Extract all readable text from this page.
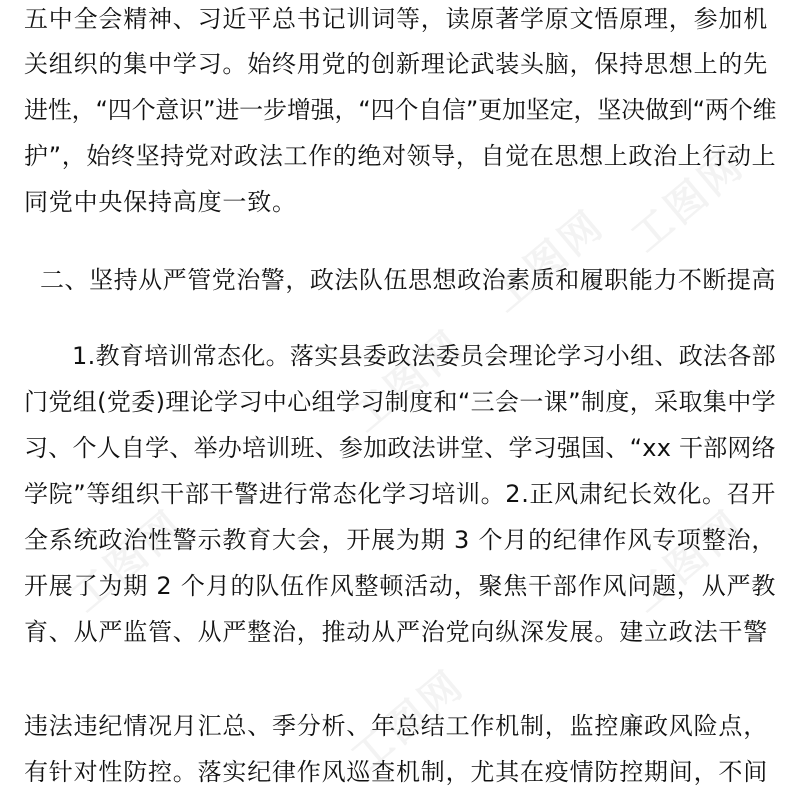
工图网
工图网
工图网
工图网	工图网
工图网
五中全会精神、习近平总书记训词等，读原著学原文悟原理，参加机
关组织的集中学习。始终用党的创新理论武装头脑，保持思想上的先
进性，“四个意识”进一步增强，“四个自信”更加坚定，坚决做到“两个维
护”，始终坚持党对政法工作的绝对领导，自觉在思想上政治上行动上
同党中央保持高度一致。
二、坚持从严管党治警，政法队伍思想政治素质和履职能力不断提高
1.教育培训常态化。落实县委政法委员会理论学习小组、政法各部
门党组(党委)理论学习中心组学习制度和“三会一课”制度，采取集中学
习、个人自学、举办培训班、参加政法讲堂、学习强国、“xx 干部网络
学院”等组织干部干警进行常态化学习培训。2.正风肃纪长效化。召开
全系统政治性警示教育大会，开展为期 3 个月的纪律作风专项整治，
开展了为期 2 个月的队伍作风整顿活动，聚焦干部作风问题，从严教
育、从严监管、从严整治，推动从严治党向纵深发展。建立政法干警
违法违纪情况月汇总、季分析、年总结工作机制，监控廉政风险点，
有针对性防控。落实纪律作风巡查机制，尤其在疫情防控期间，不间
